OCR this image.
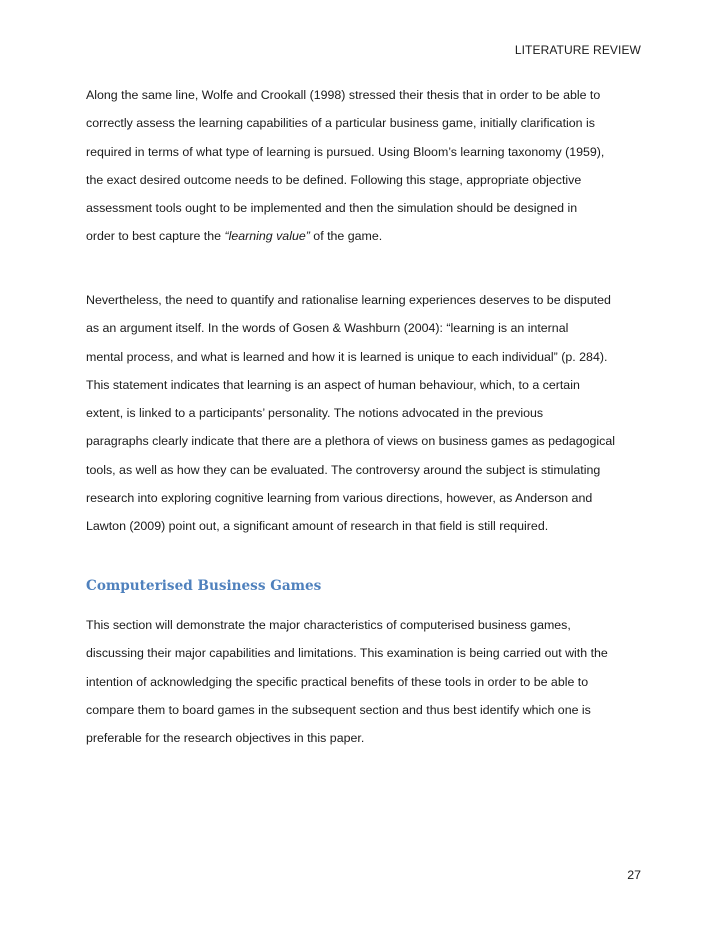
LITERATURE REVIEW
Along the same line, Wolfe and Crookall (1998) stressed their thesis that in order to be able to
correctly assess the learning capabilities of a particular business game, initially clarification is
required in terms of what type of learning is pursued. Using Bloom’s learning taxonomy (1959),
the exact desired outcome needs to be defined. Following this stage, appropriate objective
assessment tools ought to be implemented and then the simulation should be designed in
order to best capture the “learning value” of the game.
Nevertheless, the need to quantify and rationalise learning experiences deserves to be disputed
as an argument itself. In the words of Gosen & Washburn (2004): “learning is an internal
mental process, and what is learned and how it is learned is unique to each individual” (p. 284).
This statement indicates that learning is an aspect of human behaviour, which, to a certain
extent, is linked to a participants’ personality. The notions advocated in the previous
paragraphs clearly indicate that there are a plethora of views on business games as pedagogical
tools, as well as how they can be evaluated. The controversy around the subject is stimulating
research into exploring cognitive learning from various directions, however, as Anderson and
Lawton (2009) point out, a significant amount of research in that field is still required.
Computerised Business Games
This section will demonstrate the major characteristics of computerised business games,
discussing their major capabilities and limitations. This examination is being carried out with the
intention of acknowledging the specific practical benefits of these tools in order to be able to
compare them to board games in the subsequent section and thus best identify which one is
preferable for the research objectives in this paper.
27
